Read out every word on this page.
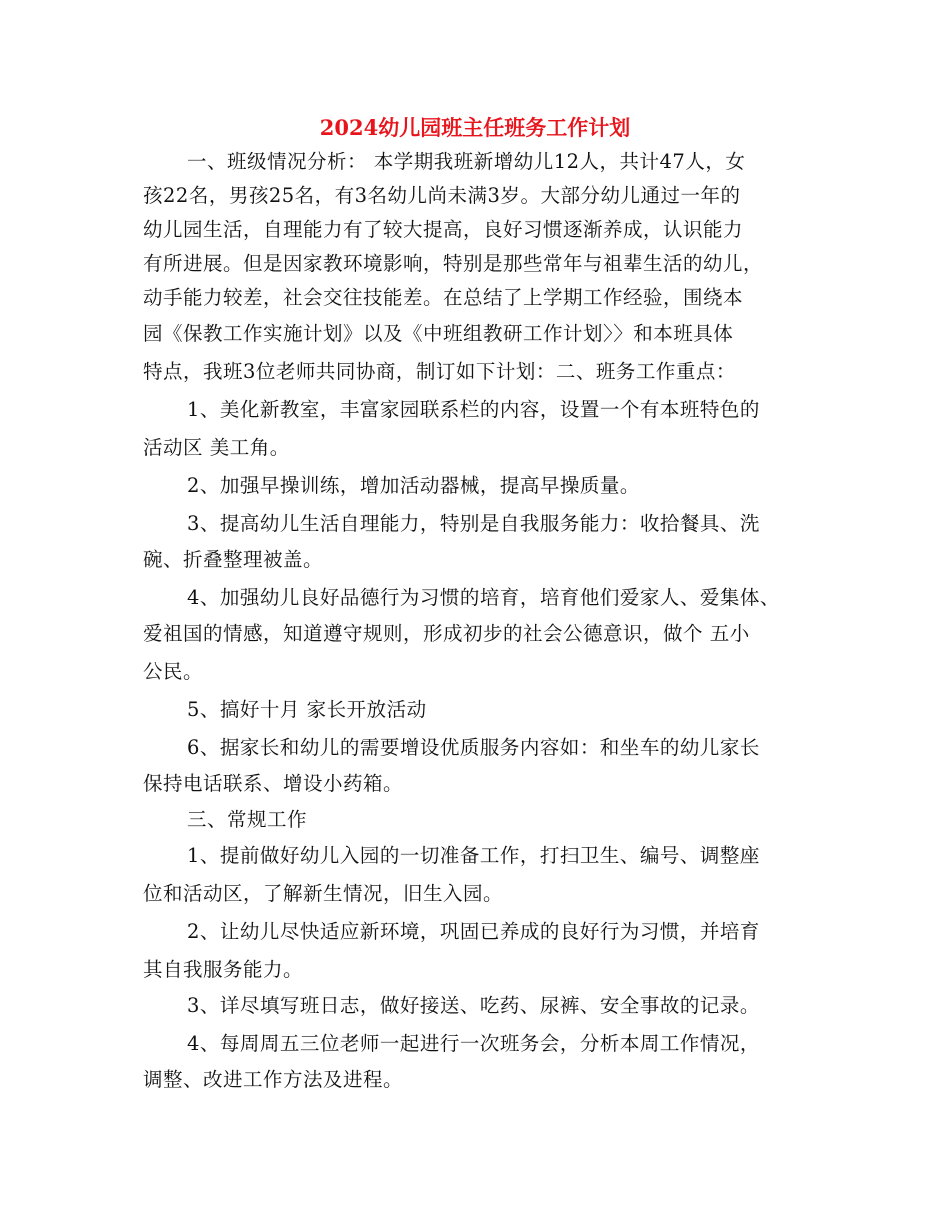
2024幼儿园班主任班务工作计划
一、班级情况分析： 本学期我班新增幼儿12人，共计47人，女
孩22名，男孩25名，有3名幼儿尚未满3岁。大部分幼儿通过一年的
幼儿园生活，自理能力有了较大提高，良好习惯逐渐养成，认识能力
有所进展。但是因家教环境影响，特别是那些常年与祖辈生活的幼儿，
动手能力较差，社会交往技能差。在总结了上学期工作经验，围绕本
园《保教工作实施计划》以及《中班组教研工作计划〉〉和本班具体
特点，我班3位老师共同协商，制订如下计划：二、班务工作重点：
1、美化新教室，丰富家园联系栏的内容，设置一个有本班特色的
活动区 美工角。
2、加强早操训练，增加活动器械，提高早操质量。
3、提高幼儿生活自理能力，特别是自我服务能力：收拾餐具、洗
碗、折叠整理被盖。
4、加强幼儿良好品德行为习惯的培育，培育他们爱家人、爱集体、
爱祖国的情感，知道遵守规则，形成初步的社会公德意识，做个 五小
公民。
5、搞好十月 家长开放活动
6、据家长和幼儿的需要增设优质服务内容如：和坐车的幼儿家长
保持电话联系、增设小药箱。
三、常规工作
1、提前做好幼儿入园的一切准备工作，打扫卫生、编号、调整座
位和活动区，了解新生情况，旧生入园。
2、让幼儿尽快适应新环境，巩固已养成的良好行为习惯，并培育
其自我服务能力。
3、详尽填写班日志，做好接送、吃药、尿裤、安全事故的记录。
4、每周周五三位老师一起进行一次班务会，分析本周工作情况，
调整、改进工作方法及进程。
